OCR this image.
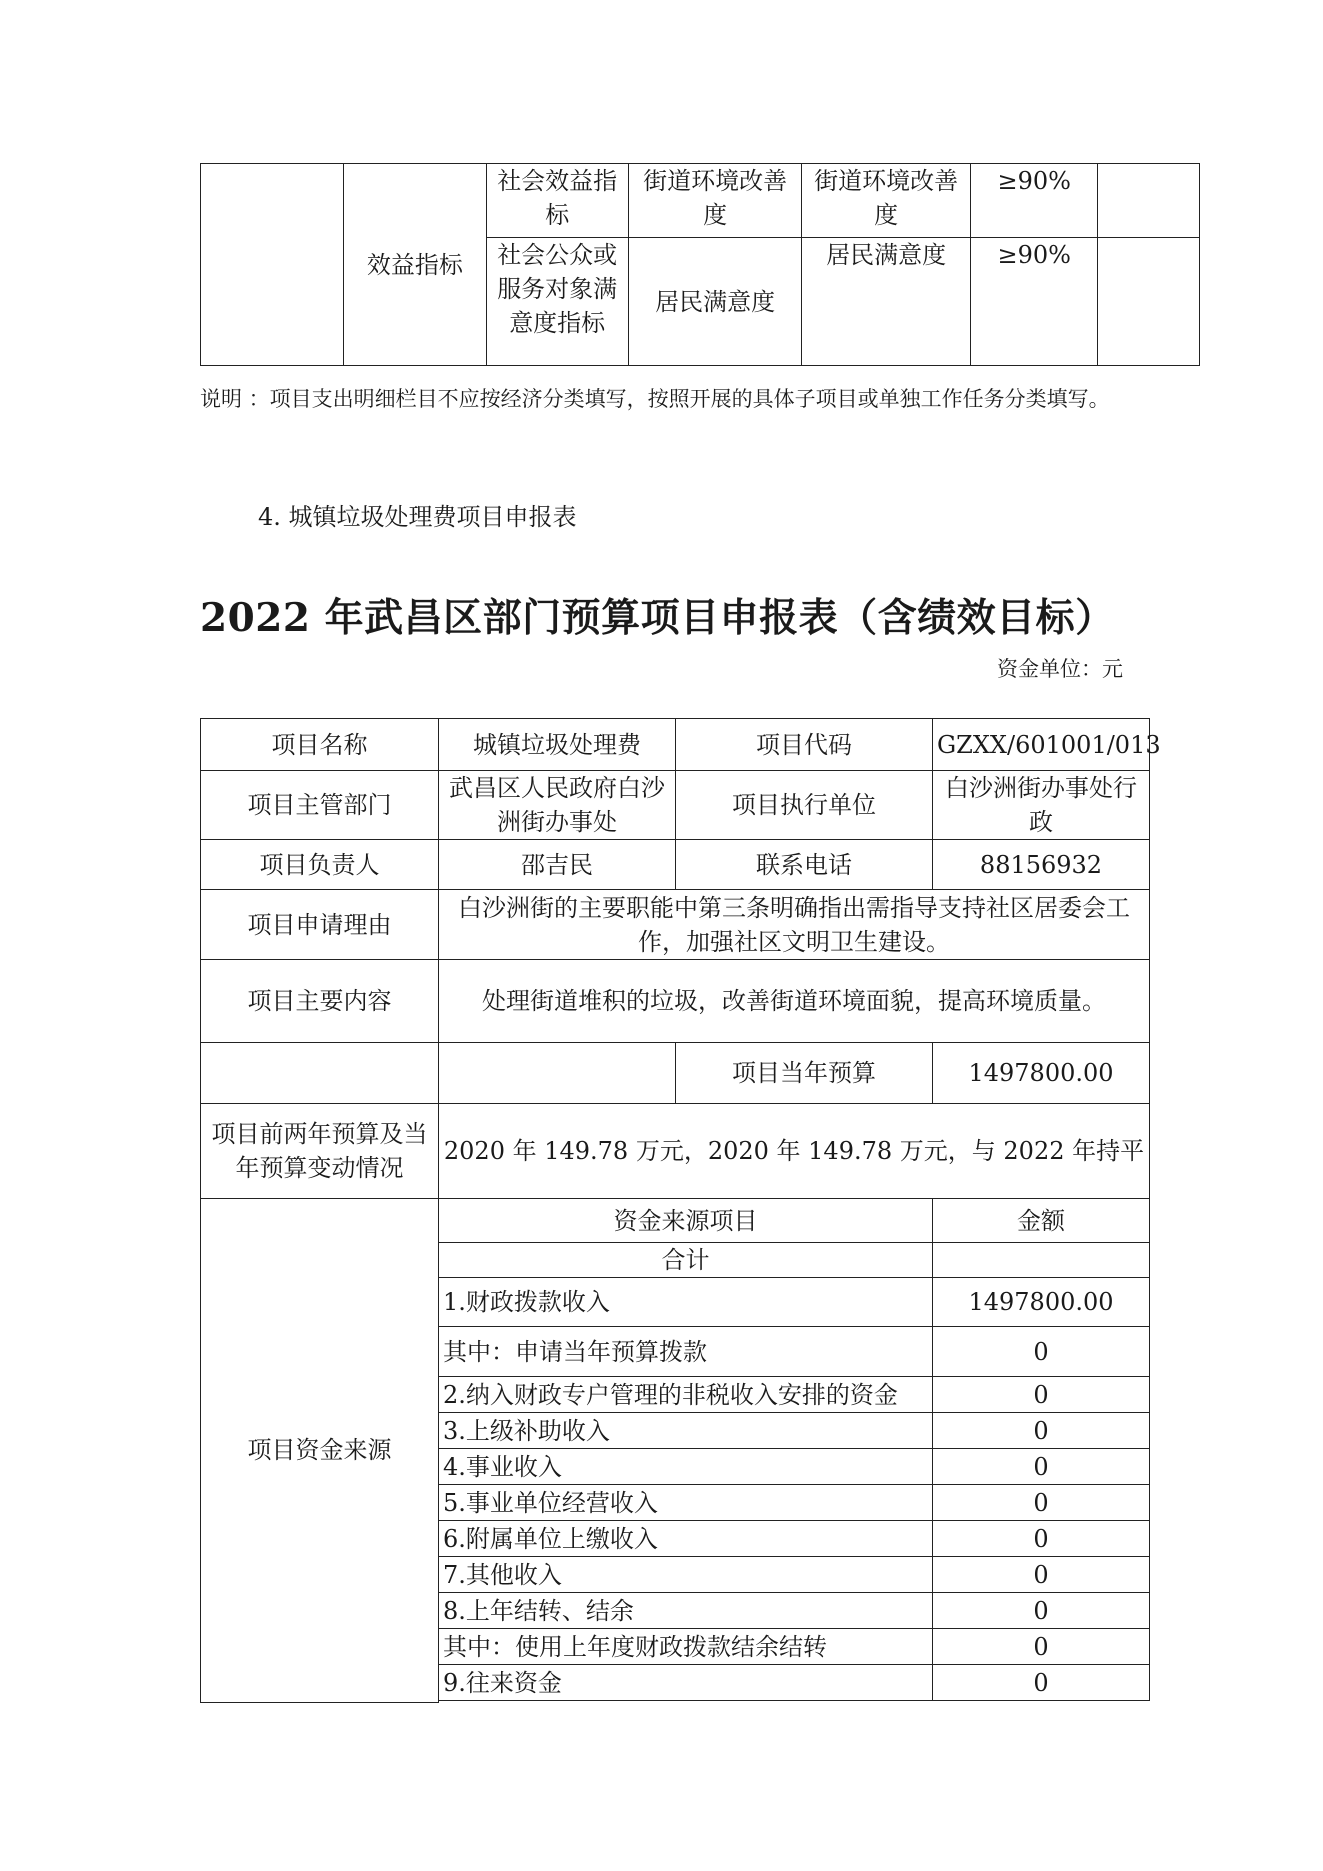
	效益指标	社会效益指标	街道环境改善度	街道环境改善度	≥90%	
		社会公众或服务对象满意度指标	居民满意度	居民满意度	≥90%	
说明 ：项目支出明细栏目不应按经济分类填写，按照开展的具体子项目或单独工作任务分类填写。
4. 城镇垃圾处理费项目申报表
2022 年武昌区部门预算项目申报表（含绩效目标）
资金单位：元
项目名称	城镇垃圾处理费	项目代码	GZXX/601001/013
项目主管部门	武昌区人民政府白沙洲街办事处	项目执行单位	白沙洲街办事处行政
项目负责人	邵吉民	联系电话	88156932
项目申请理由	白沙洲街的主要职能中第三条明确指出需指导支持社区居委会工作，加强社区文明卫生建设。		
项目主要内容	处理街道堆积的垃圾，改善街道环境面貌，提高环境质量。		
		项目当年预算	1497800.00
项目前两年预算及当年预算变动情况	2020 年 149.78 万元，2020 年 149.78 万元，与 2022 年持平		
项目资金来源	资金来源项目		金额
	合计		
	1.财政拨款收入		1497800.00
	其中：申请当年预算拨款		0
	2.纳入财政专户管理的非税收入安排的资金		0
	3.上级补助收入		0
	4.事业收入		0
	5.事业单位经营收入		0
	6.附属单位上缴收入		0
	7.其他收入		0
	8.上年结转、结余		0
	其中：使用上年度财政拨款结余结转		0
	9.往来资金		0
